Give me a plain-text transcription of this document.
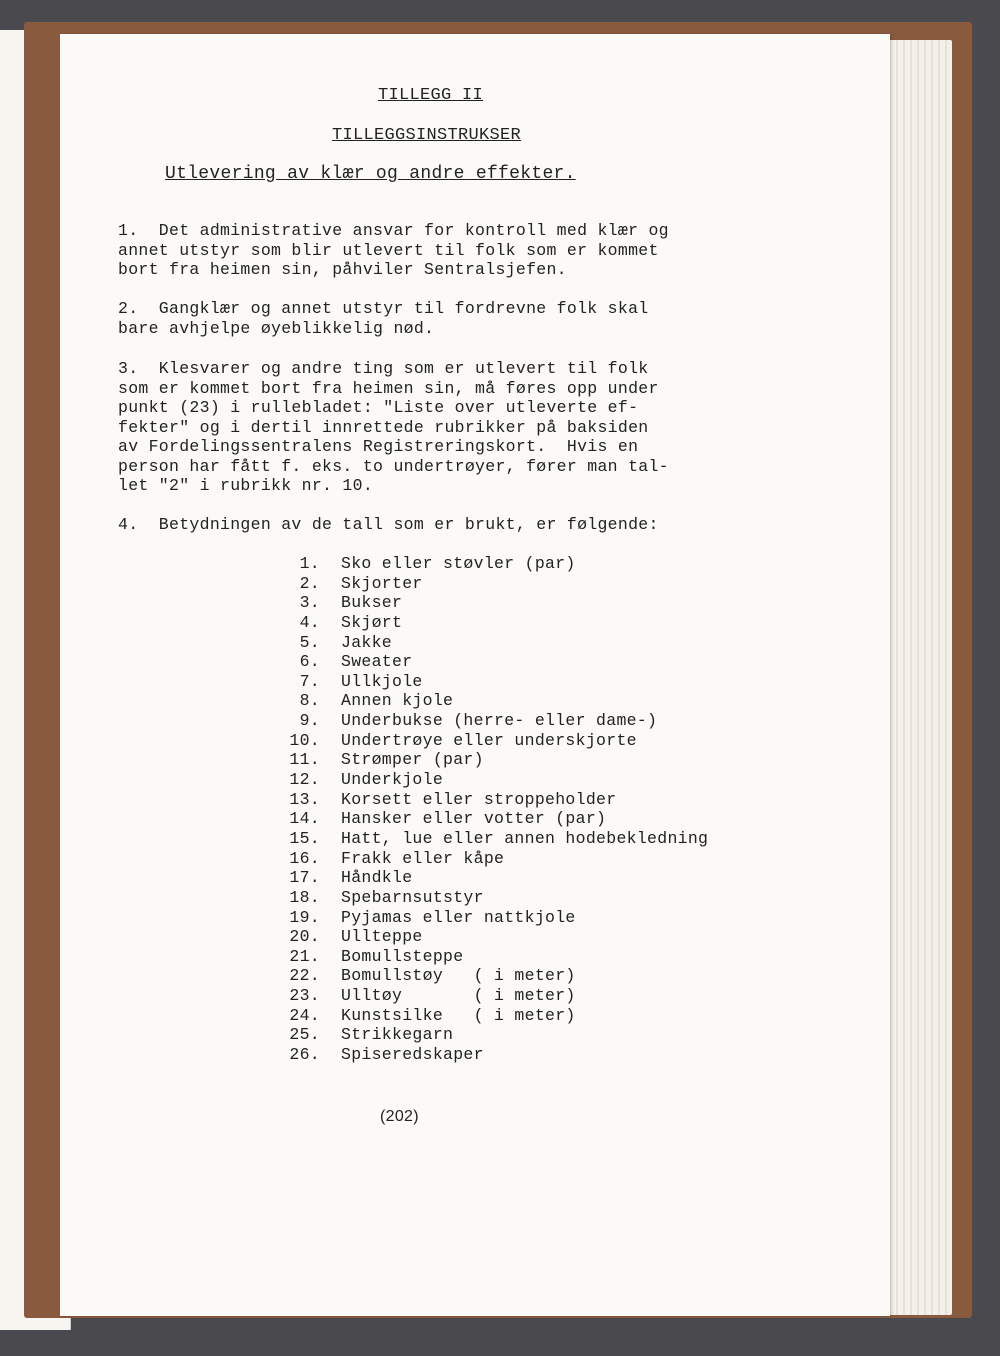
TILLEGG II
TILLEGGSINSTRUKSER
Utlevering av klær og andre effekter.
1.  Det administrative ansvar for kontroll med klær og
annet utstyr som blir utlevert til folk som er kommet
bort fra heimen sin, påhviler Sentralsjefen.
2.  Gangklær og annet utstyr til fordrevne folk skal
bare avhjelpe øyeblikkelig nød.
3.  Klesvarer og andre ting som er utlevert til folk
som er kommet bort fra heimen sin, må føres opp under
punkt (23) i rullebladet: "Liste over utleverte ef-
fekter" og i dertil innrettede rubrikker på baksiden
av Fordelingssentralens Registreringskort.  Hvis en
person har fått f. eks. to undertrøyer, fører man tal-
let "2" i rubrikk nr. 10.
4.  Betydningen av de tall som er brukt, er følgende:
1.	Sko eller støvler (par)
2.	Skjorter
3.	Bukser
4.	Skjørt
5.	Jakke
6.	Sweater
7.	Ullkjole
8.	Annen kjole
9.	Underbukse (herre- eller dame-)
10.	Undertrøye eller underskjorte
11.	Strømper (par)
12.	Underkjole
13.	Korsett eller stroppeholder
14.	Hansker eller votter (par)
15.	Hatt, lue eller annen hodebekledning
16.	Frakk eller kåpe
17.	Håndkle
18.	Spebarnsutstyr
19.	Pyjamas eller nattkjole
20.	Ullteppe
21.	Bomullsteppe
22.	Bomullstøy   ( i meter)
23.	Ulltøy       ( i meter)
24.	Kunstsilke   ( i meter)
25.	Strikkegarn
26.	Spiseredskaper
(202)
